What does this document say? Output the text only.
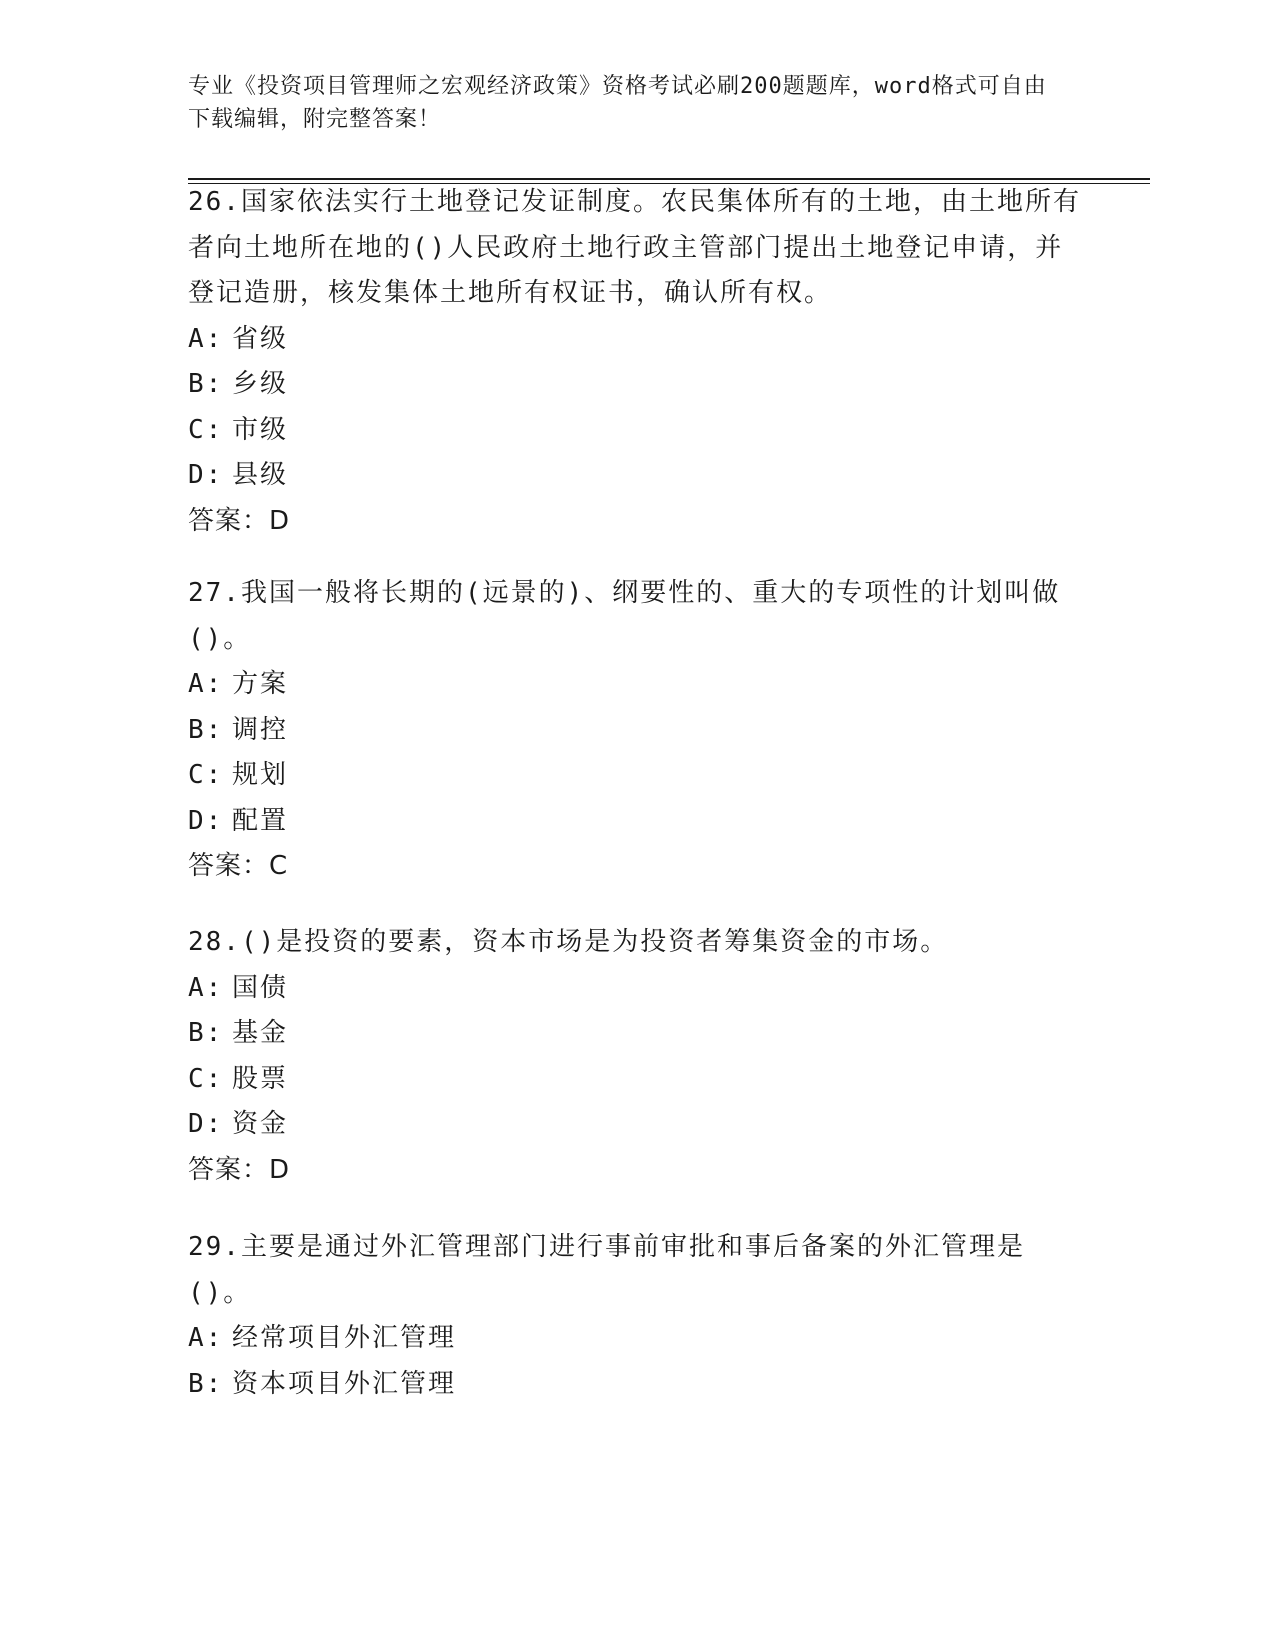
专业《投资项目管理师之宏观经济政策》资格考试必刷200题题库，word格式可自由下载编辑，附完整答案！
26.国家依法实行土地登记发证制度。农民集体所有的土地，由土地所有者向土地所在地的()人民政府土地行政主管部门提出土地登记申请，并登记造册，核发集体土地所有权证书，确认所有权。
A: 省级
B: 乡级
C: 市级
D: 县级
答案：D
27.我国一般将长期的(远景的)、纲要性的、重大的专项性的计划叫做()。
A: 方案
B: 调控
C: 规划
D: 配置
答案：C
28.()是投资的要素，资本市场是为投资者筹集资金的市场。
A: 国债
B: 基金
C: 股票
D: 资金
答案：D
29.主要是通过外汇管理部门进行事前审批和事后备案的外汇管理是()。
A: 经常项目外汇管理
B: 资本项目外汇管理
